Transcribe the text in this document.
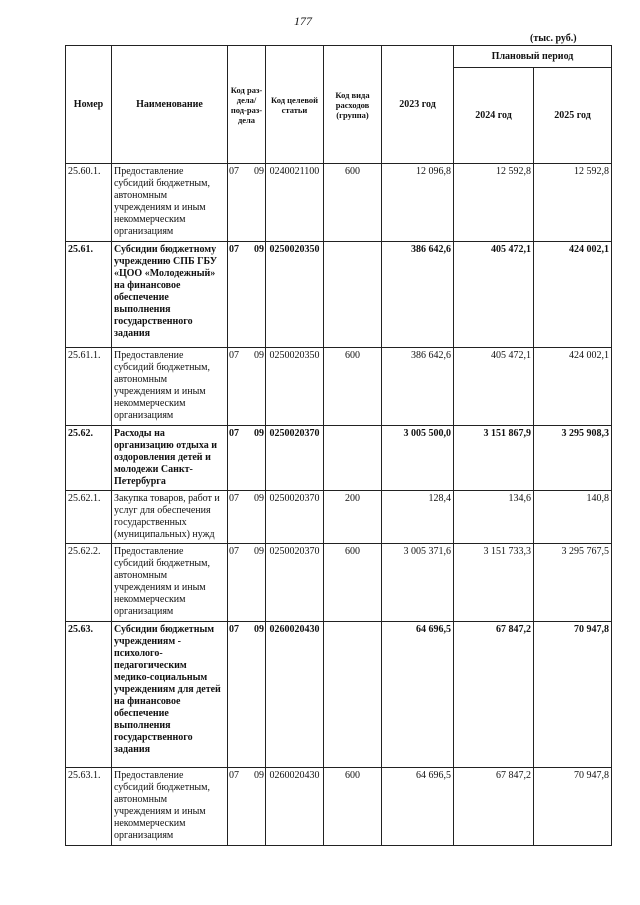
177
(тыс. руб.)
Номер	Наименование	Код раз-дела/ под-раз-дела	Код целевой статьи	Код вида расходов (группа)	2023 год	Плановый период	
						2024 год	2025 год
25.60.1.	Предоставление субсидий бюджетным, автономным учреждениям и иным некоммерческим организациям	07 09	0240021100	600	12 096,8	12 592,8	12 592,8
25.61.	Субсидии бюджетному учреждению СПБ ГБУ «ЦОО «Молодежный» на финансовое обеспечение выполнения государственного задания	07 09	0250020350		386 642,6	405 472,1	424 002,1
25.61.1.	Предоставление субсидий бюджетным, автономным учреждениям и иным некоммерческим организациям	07 09	0250020350	600	386 642,6	405 472,1	424 002,1
25.62.	Расходы на организацию отдыха и оздоровления детей и молодежи Санкт-Петербурга	07 09	0250020370		3 005 500,0	3 151 867,9	3 295 908,3
25.62.1.	Закупка товаров, работ и услуг для обеспечения государственных (муниципальных) нужд	07 09	0250020370	200	128,4	134,6	140,8
25.62.2.	Предоставление субсидий бюджетным, автономным учреждениям и иным некоммерческим организациям	07 09	0250020370	600	3 005 371,6	3 151 733,3	3 295 767,5
25.63.	Субсидии бюджетным учреждениям - психолого-педагогическим медико-социальным учреждениям для детей на финансовое обеспечение выполнения государственного задания	07 09	0260020430		64 696,5	67 847,2	70 947,8
25.63.1.	Предоставление субсидий бюджетным, автономным учреждениям и иным некоммерческим организациям	07 09	0260020430	600	64 696,5	67 847,2	70 947,8
